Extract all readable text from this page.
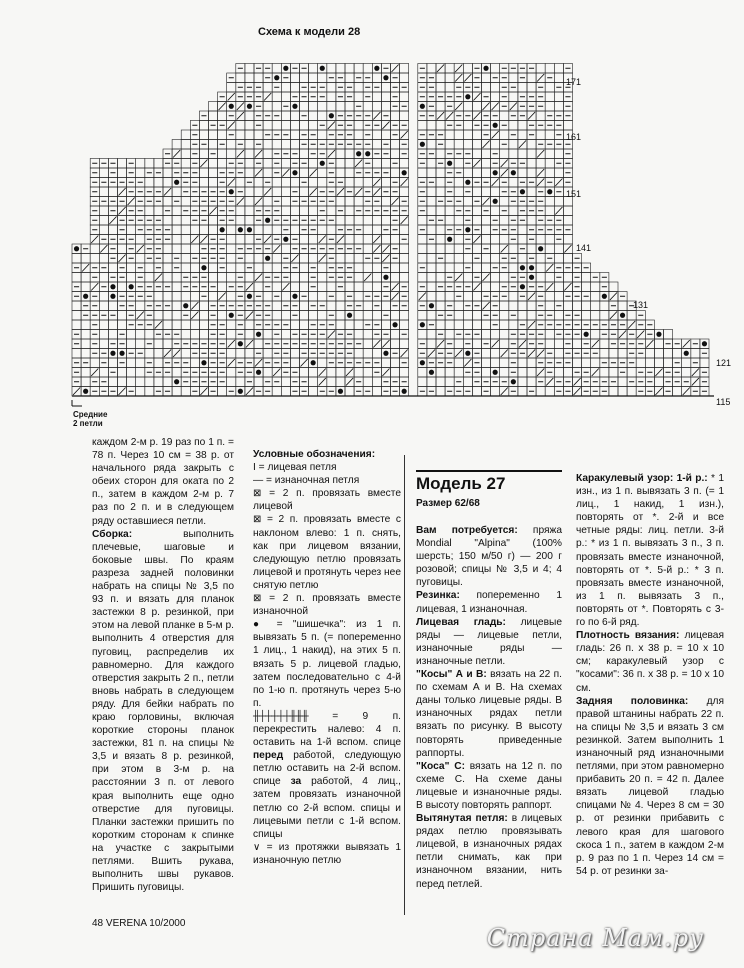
Схема к модели 28
171
161
151
141
131
121
115
Средние
2 петли

каждом 2-м р. 19 раз по 1 п. = 78 п. Через 10 см = 38 р. от начального ряда закрыть с обеих сторон для оката по 2 п., затем в каждом 2-м р. 7 раз по 2 п. и в следующем ряду оставшиеся петли.

Сборка: выполнить плечевые, шаговые и боковые швы. По краям разреза задней половинки набрать на спицы № 3,5 по 93 п. и вязать для планок застежки 8 р. резинкой, при этом на левой планке в 5-м р. выполнить 4 отверстия для пуговиц, распределив их равномерно. Для каждого отверстия закрыть 2 п., петли вновь набрать в следующем ряду. Для бейки набрать по краю горловины, включая короткие стороны планок застежки, 81 п. на спицы № 3,5 и вязать 8 р. резинкой, при этом в 3-м р. на расстоянии 3 п. от левого края выполнить еще одно отверстие для пуговицы. Планки застежки пришить по коротким сторонам к спинке на участке с закрытыми петлями. Вшить рукава, выполнить швы рукавов. Пришить пуговицы.

Условные обозначения:

I = лицевая петля

— = изнаночная петля

⊠ = 2 п. провязать вместе лицевой

⊠ = 2 п. провязать вместе с наклоном влево: 1 п. снять, как при лицевом вязании, следующую петлю провязать лицевой и протянуть через нее снятую петлю

⊠ = 2 п. провязать вместе изнаночной

● = "шишечка": из 1 п. вывязать 5 п. (= попеременно 1 лиц., 1 накид), на этих 5 п. вязать 5 р. лицевой гладью, затем последовательно с 4-й по 1-ю п. протянуть через 5-ю п.

╫┼┼┼┼┼╫╫╫ = 9 п. перекрестить налево: 4 п. оставить на 1-й вспом. спице перед работой, следующую петлю оставить на 2-й вспом. спице за работой, 4 лиц., затем провязать изнаночной петлю со 2-й вспом. спицы и лицевыми петли с 1-й вспом. спицы

∨ = из протяжки вывязать 1 изнаночную петлю

Модель 27
Размер 62/68

Вам потребуется: пряжа Mondial "Alpina" (100% шерсть; 150 м/50 г) — 200 г розовой; спицы № 3,5 и 4; 4 пуговицы.

Резинка: попеременно 1 лицевая, 1 изнаночная.

Лицевая гладь: лицевые ряды — лицевые петли, изнаночные ряды — изнаночные петли.

"Косы" А и В: вязать на 22 п. по схемам А и В. На схемах даны только лицевые ряды. В изнаночных рядах петли вязать по рисунку. В высоту повторять приведенные раппорты.

"Коса" С: вязать на 12 п. по схеме С. На схеме даны лицевые и изнаночные ряды. В высоту повторять раппорт.

Вытянутая петля: в лицевых рядах петлю провязывать лицевой, в изнаночных рядах петли снимать, как при изнаночном вязании, нить перед петлей.

Каракулевый узор: 1-й р.: * 1 изн., из 1 п. вывязать 3 п. (= 1 лиц., 1 накид, 1 изн.), повторять от *. 2-й и все четные ряды: лиц. петли. 3-й р.: * из 1 п. вывязать 3 п., 3 п. провязать вместе изнаночной, повторять от *. 5-й р.: * 3 п. провязать вместе изнаночной, из 1 п. вывязать 3 п., повторять от *. Повторять с 3-го по 6-й ряд.

Плотность вязания: лицевая гладь: 26 п. x 38 р. = 10 x 10 см; каракулевый узор с "косами": 36 п. x 38 р. = 10 x 10 см.

Задняя половинка: для правой штанины набрать 22 п. на спицы № 3,5 и вязать 3 см резинкой. Затем выполнить 1 изнаночный ряд изнаночными петлями, при этом равномерно прибавить 20 п. = 42 п. Далее вязать лицевой гладью спицами № 4. Через 8 см = 30 р. от резинки прибавить с левого края для шагового скоса 1 п., затем в каждом 2-м р. 9 раз по 1 п. Через 14 см = 54 р. от резинки за-

48 VERENA 10/2000
Страна Мам.ру
